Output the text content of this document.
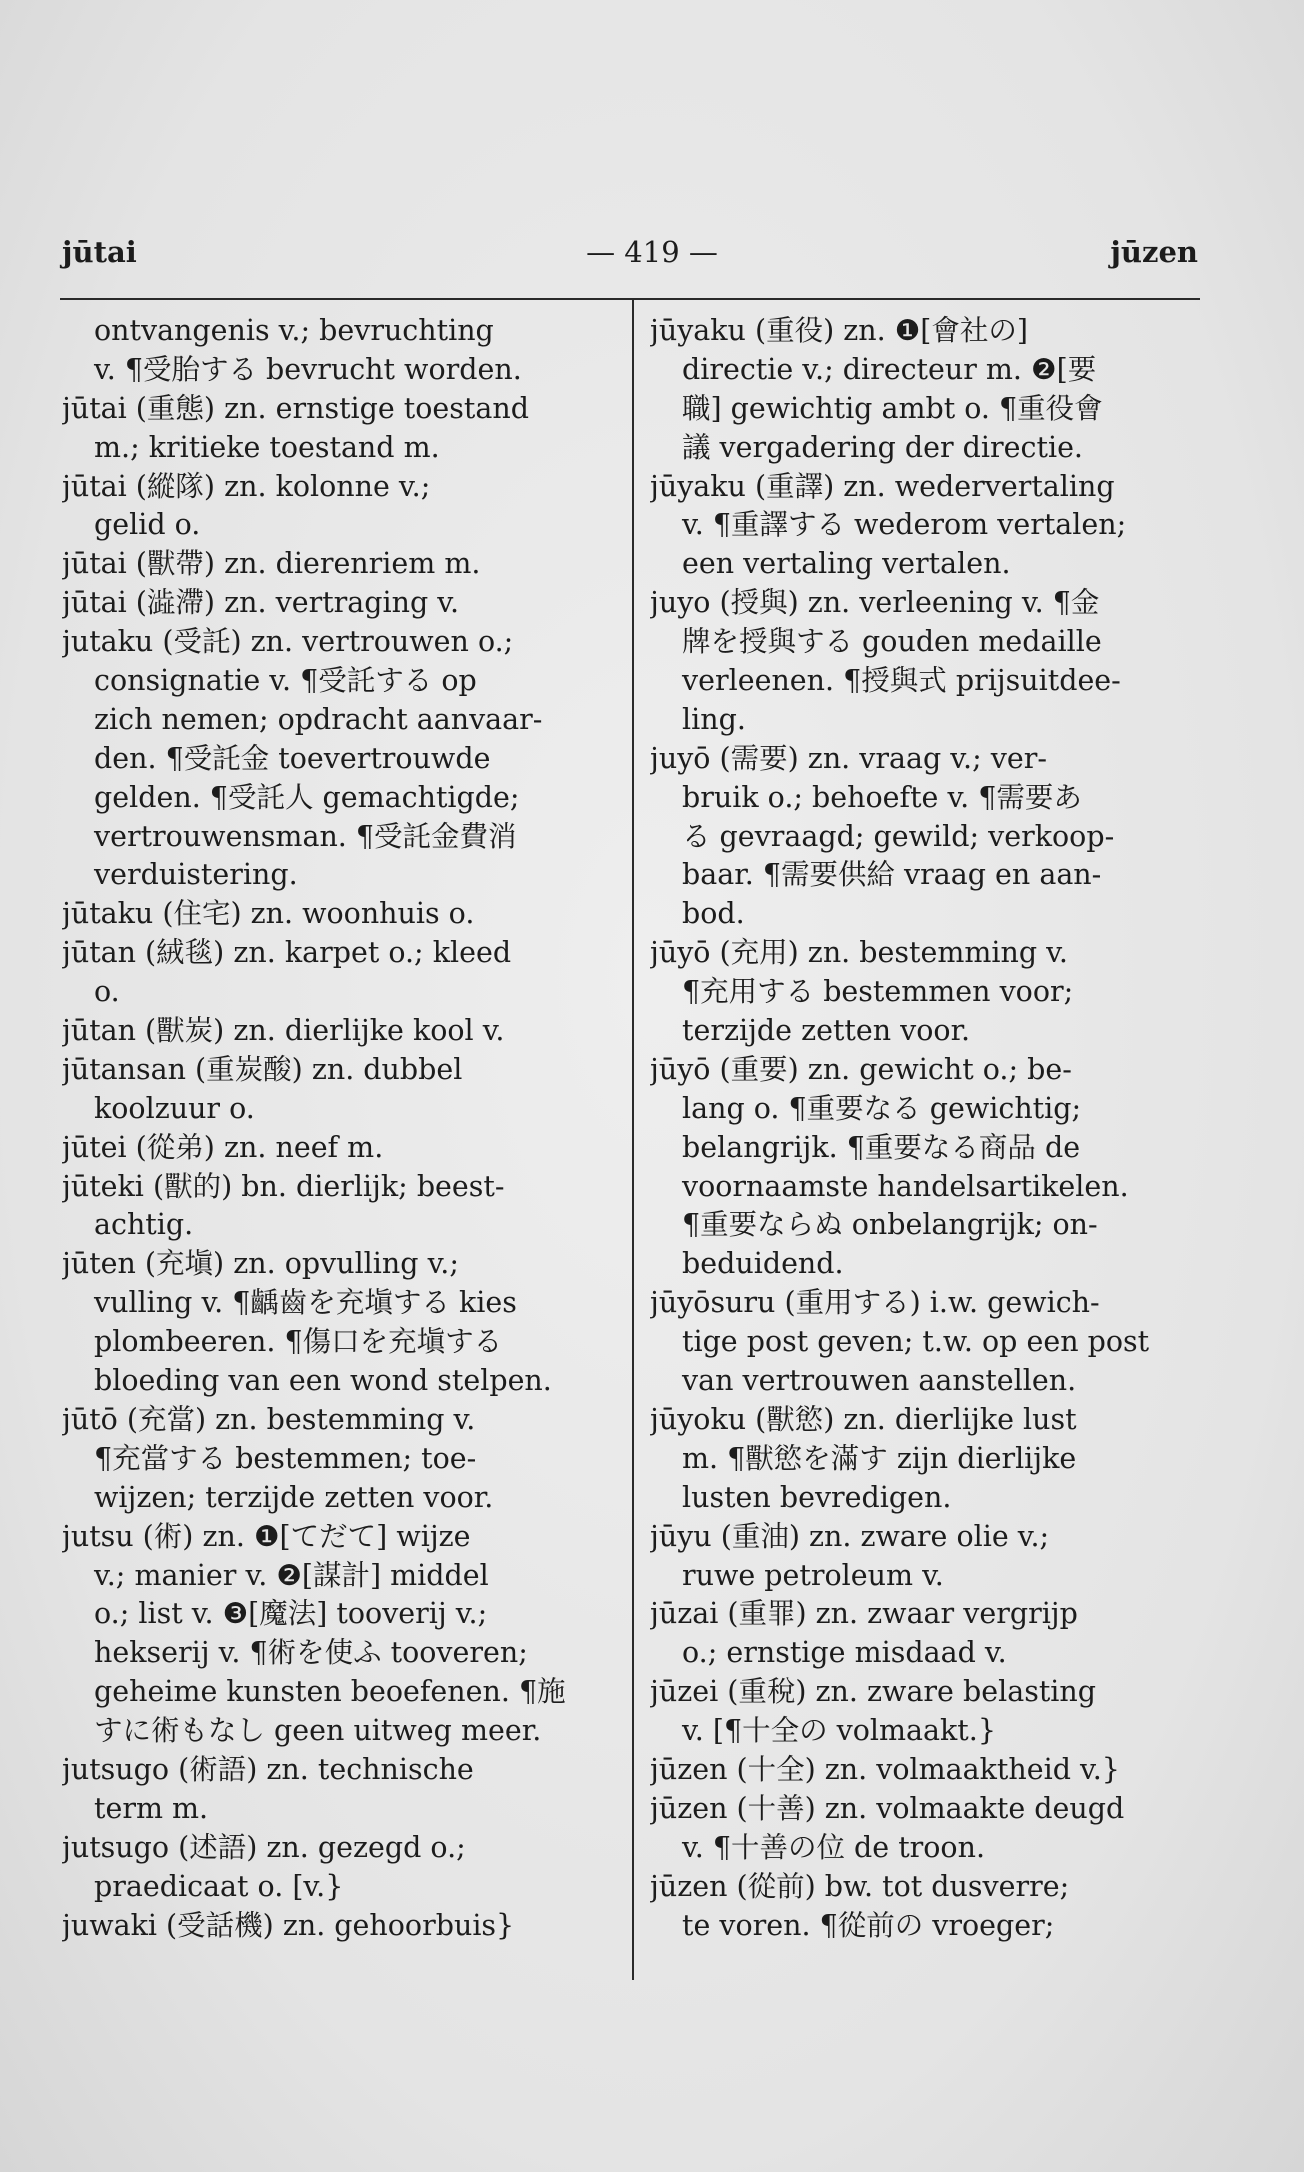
jūtai	— 419 —	jūzen
ontvangenis v.; bevruchting
v. ¶受胎する bevrucht worden.
jūtai (重態) zn. ernstige toestand
m.; kritieke toestand m.
jūtai (縱隊) zn. kolonne v.;
gelid o.
jūtai (獸帶) zn. dierenriem m.
jūtai (澁滯) zn. vertraging v.
jutaku (受託) zn. vertrouwen o.;
consignatie v. ¶受託する op
zich nemen; opdracht aanvaar-
den. ¶受託金 toevertrouwde
gelden. ¶受託人 gemachtigde;
vertrouwensman. ¶受託金費消
verduistering.
jūtaku (住宅) zn. woonhuis o.
jūtan (絨毯) zn. karpet o.; kleed
o.
jūtan (獸炭) zn. dierlijke kool v.
jūtansan (重炭酸) zn. dubbel
koolzuur o.
jūtei (從弟) zn. neef m.
jūteki (獸的) bn. dierlijk; beest-
achtig.
jūten (充塡) zn. opvulling v.;
vulling v. ¶齲齒を充塡する kies
plombeeren. ¶傷口を充塡する
bloeding van een wond stelpen.
jūtō (充當) zn. bestemming v.
¶充當する bestemmen; toe-
wijzen; terzijde zetten voor.
jutsu (術) zn. ❶[てだて] wijze
v.; manier v. ❷[謀計] middel
o.; list v. ❸[魔法] tooverij v.;
hekserij v. ¶術を使ふ tooveren;
geheime kunsten beoefenen. ¶施
すに術もなし geen uitweg meer.
jutsugo (術語) zn. technische
term m.
jutsugo (述語) zn. gezegd o.;
praedicaat o. [v.}
juwaki (受話機) zn. gehoorbuis}
jūyaku (重役) zn. ❶[會社の]
directie v.; directeur m. ❷[要
職] gewichtig ambt o. ¶重役會
議 vergadering der directie.
jūyaku (重譯) zn. wedervertaling
v. ¶重譯する wederom vertalen;
een vertaling vertalen.
juyo (授與) zn. verleening v. ¶金
牌を授與する gouden medaille
verleenen. ¶授與式 prijsuitdee-
ling.
juyō (需要) zn. vraag v.; ver-
bruik o.; behoefte v. ¶需要あ
る gevraagd; gewild; verkoop-
baar. ¶需要供給 vraag en aan-
bod.
jūyō (充用) zn. bestemming v.
¶充用する bestemmen voor;
terzijde zetten voor.
jūyō (重要) zn. gewicht o.; be-
lang o. ¶重要なる gewichtig;
belangrijk. ¶重要なる商品 de
voornaamste handelsartikelen.
¶重要ならぬ onbelangrijk; on-
beduidend.
jūyōsuru (重用する) i.w. gewich-
tige post geven; t.w. op een post
van vertrouwen aanstellen.
jūyoku (獸慾) zn. dierlijke lust
m. ¶獸慾を滿す zijn dierlijke
lusten bevredigen.
jūyu (重油) zn. zware olie v.;
ruwe petroleum v.
jūzai (重罪) zn. zwaar vergrijp
o.; ernstige misdaad v.
jūzei (重稅) zn. zware belasting
v. [¶十全の volmaakt.}
jūzen (十全) zn. volmaaktheid v.}
jūzen (十善) zn. volmaakte deugd
v. ¶十善の位 de troon.
jūzen (從前) bw. tot dusverre;
te voren. ¶從前の vroeger;
